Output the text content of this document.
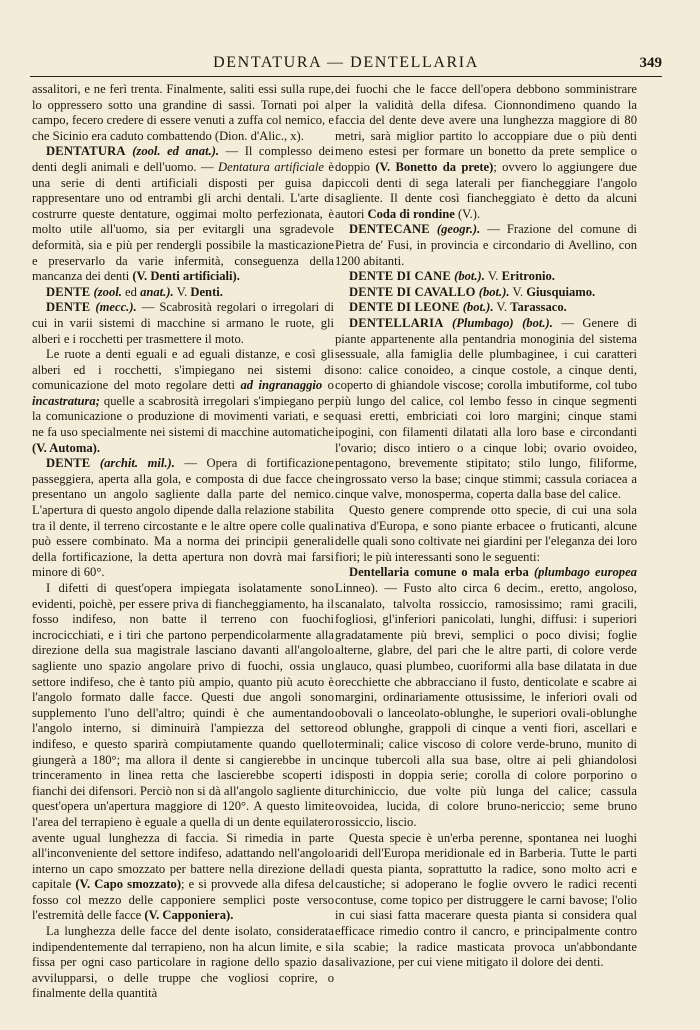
DENTATURA — DENTELLARIA	349

assalitori, e ne ferì trenta. Finalmente, saliti essi sulla rupe, lo oppressero sotto una grandine di sassi. Tornati poi al campo, fecero credere di essere venuti a zuffa col nemico, e che Sicinio era caduto combattendo (Dion. d'Alic., x).

DENTATURA (zool. ed anat.). — Il complesso dei denti degli animali e dell'uomo. — Dentatura artificiale è una serie di denti artificiali disposti per guisa da rappresentare uno od entrambi gli archi dentali. L'arte di costrurre queste dentature, oggimai molto perfezionata, è molto utile all'uomo, sia per evitargli una sgradevole deformità, sia e più per rendergli possibile la masticazione e preservarlo da varie infermità, conseguenza della mancanza dei denti (V. Denti artificiali).

DENTE (zool. ed anat.). V. Denti.

DENTE (mecc.). — Scabrosità regolari o irregolari di cui in varii sistemi di macchine si armano le ruote, gli alberi e i rocchetti per trasmettere il moto.

Le ruote a denti eguali e ad eguali distanze, e così gli alberi ed i rocchetti, s'impiegano nei sistemi di comunicazione del moto regolare detti ad ingranaggio o incastratura; quelle a scabrosità irregolari s'impiegano per la comunicazione o produzione di movimenti variati, e se ne fa uso specialmente nei sistemi di macchine automatiche (V. Automa).

DENTE (archit. mil.). — Opera di fortificazione passeggiera, aperta alla gola, e composta di due facce che presentano un angolo sagliente dalla parte del nemico. L'apertura di questo angolo dipende dalla relazione stabilita tra il dente, il terreno circostante e le altre opere colle quali può essere combinato. Ma a norma dei principii generali della fortificazione, la detta apertura non dovrà mai farsi minore di 60°.

I difetti di quest'opera impiegata isolatamente sono evidenti, poichè, per essere priva di fiancheggiamento, ha il fosso indifeso, non batte il terreno con fuochi incrocicchiati, e i tiri che partono perpendicolarmente alla direzione della sua magistrale lasciano davanti all'angolo sagliente uno spazio angolare privo di fuochi, ossia un settore indifeso, che è tanto più ampio, quanto più acuto è l'angolo formato dalle facce. Questi due angoli sono supplemento l'uno dell'altro; quindi è che aumentando l'angolo interno, si diminuirà l'ampiezza del settore indifeso, e questo sparirà compiutamente quando quello giungerà a 180°; ma allora il dente si cangierebbe in un trinceramento in linea retta che lascierebbe scoperti i fianchi dei difensori. Perciò non si dà all'angolo sagliente di quest'opera un'apertura maggiore di 120°. A questo limite l'area del terrapieno è eguale a quella di un dente equilatero avente ugual lunghezza di faccia. Si rimedia in parte all'inconveniente del settore indifeso, adattando nell'angolo interno un capo smozzato per battere nella direzione della capitale (V. Capo smozzato); e si provvede alla difesa del fosso col mezzo delle capponiere semplici poste verso l'estremità delle facce (V. Capponiera).

La lunghezza delle facce del dente isolato, considerata indipendentemente dal terrapieno, non ha alcun limite, e si fissa per ogni caso particolare in ragione dello spazio da avvilupparsi, o delle truppe che vogliosi coprire, o finalmente della quantità

dei fuochi che le facce dell'opera debbono somministrare per la validità della difesa. Cionnondimeno quando la faccia del dente deve avere una lunghezza maggiore di 80 metri, sarà miglior partito lo accoppiare due o più denti meno estesi per formare un bonetto da prete semplice o doppio (V. Bonetto da prete); ovvero lo aggiungere due piccoli denti di sega laterali per fiancheggiare l'angolo sagliente. Il dente così fiancheggiato è detto da alcuni autori Coda di rondine (V.).

DENTECANE (geogr.). — Frazione del comune di Pietra de' Fusi, in provincia e circondario di Avellino, con 1200 abitanti.

DENTE DI CANE (bot.). V. Eritronio.

DENTE DI CAVALLO (bot.). V. Giusquiamo.

DENTE DI LEONE (bot.). V. Tarassaco.

DENTELLARIA (Plumbago) (bot.). — Genere di piante appartenente alla pentandria monoginia del sistema sessuale, alla famiglia delle plumbaginee, i cui caratteri sono: calice conoideo, a cinque costole, a cinque denti, coperto di ghiandole viscose; corolla imbutiforme, col tubo più lungo del calice, col lembo fesso in cinque segmenti quasi eretti, embriciati coi loro margini; cinque stami ipogini, con filamenti dilatati alla loro base e circondanti l'ovario; disco intiero o a cinque lobi; ovario ovoideo, pentagono, brevemente stipitato; stilo lungo, filiforme, ingrossato verso la base; cinque stimmi; cassula coriacea a cinque valve, monosperma, coperta dalla base del calice.

Questo genere comprende otto specie, di cui una sola nativa d'Europa, e sono piante erbacee o fruticanti, alcune delle quali sono coltivate nei giardini per l'eleganza dei loro fiori; le più interessanti sono le seguenti:

Dentellaria comune o mala erba (plumbago europea Linneo). — Fusto alto circa 6 decim., eretto, angoloso, scanalato, talvolta rossiccio, ramosissimo; rami gracili, fogliosi, gl'inferiori panicolati, lunghi, diffusi: i superiori gradatamente più brevi, semplici o poco divisi; foglie alterne, glabre, del pari che le altre parti, di colore verde glauco, quasi plumbeo, cuoriformi alla base dilatata in due orecchiette che abbracciano il fusto, denticolate e scabre ai margini, ordinariamente ottusissime, le inferiori ovali od obovali o lanceolato-oblunghe, le superiori ovali-oblunghe od oblunghe, grappoli di cinque a venti fiori, ascellari e terminali; calice viscoso di colore verde-bruno, munito di cinque tubercoli alla sua base, oltre ai peli ghiandolosi disposti in doppia serie; corolla di colore porporino o turchiniccio, due volte più lunga del calice; cassula ovoidea, lucida, di colore bruno-nericcio; seme bruno rossiccio, liscio.

Questa specie è un'erba perenne, spontanea nei luoghi aridi dell'Europa meridionale ed in Barberia. Tutte le parti di questa pianta, soprattutto la radice, sono molto acri e caustiche; si adoperano le foglie ovvero le radici recenti contuse, come topico per distruggere le carni bavose; l'olio in cui siasi fatta macerare questa pianta si considera qual efficace rimedio contro il cancro, e principalmente contro la scabie; la radice masticata provoca un'abbondante salivazione, per cui viene mitigato il dolore dei denti.
